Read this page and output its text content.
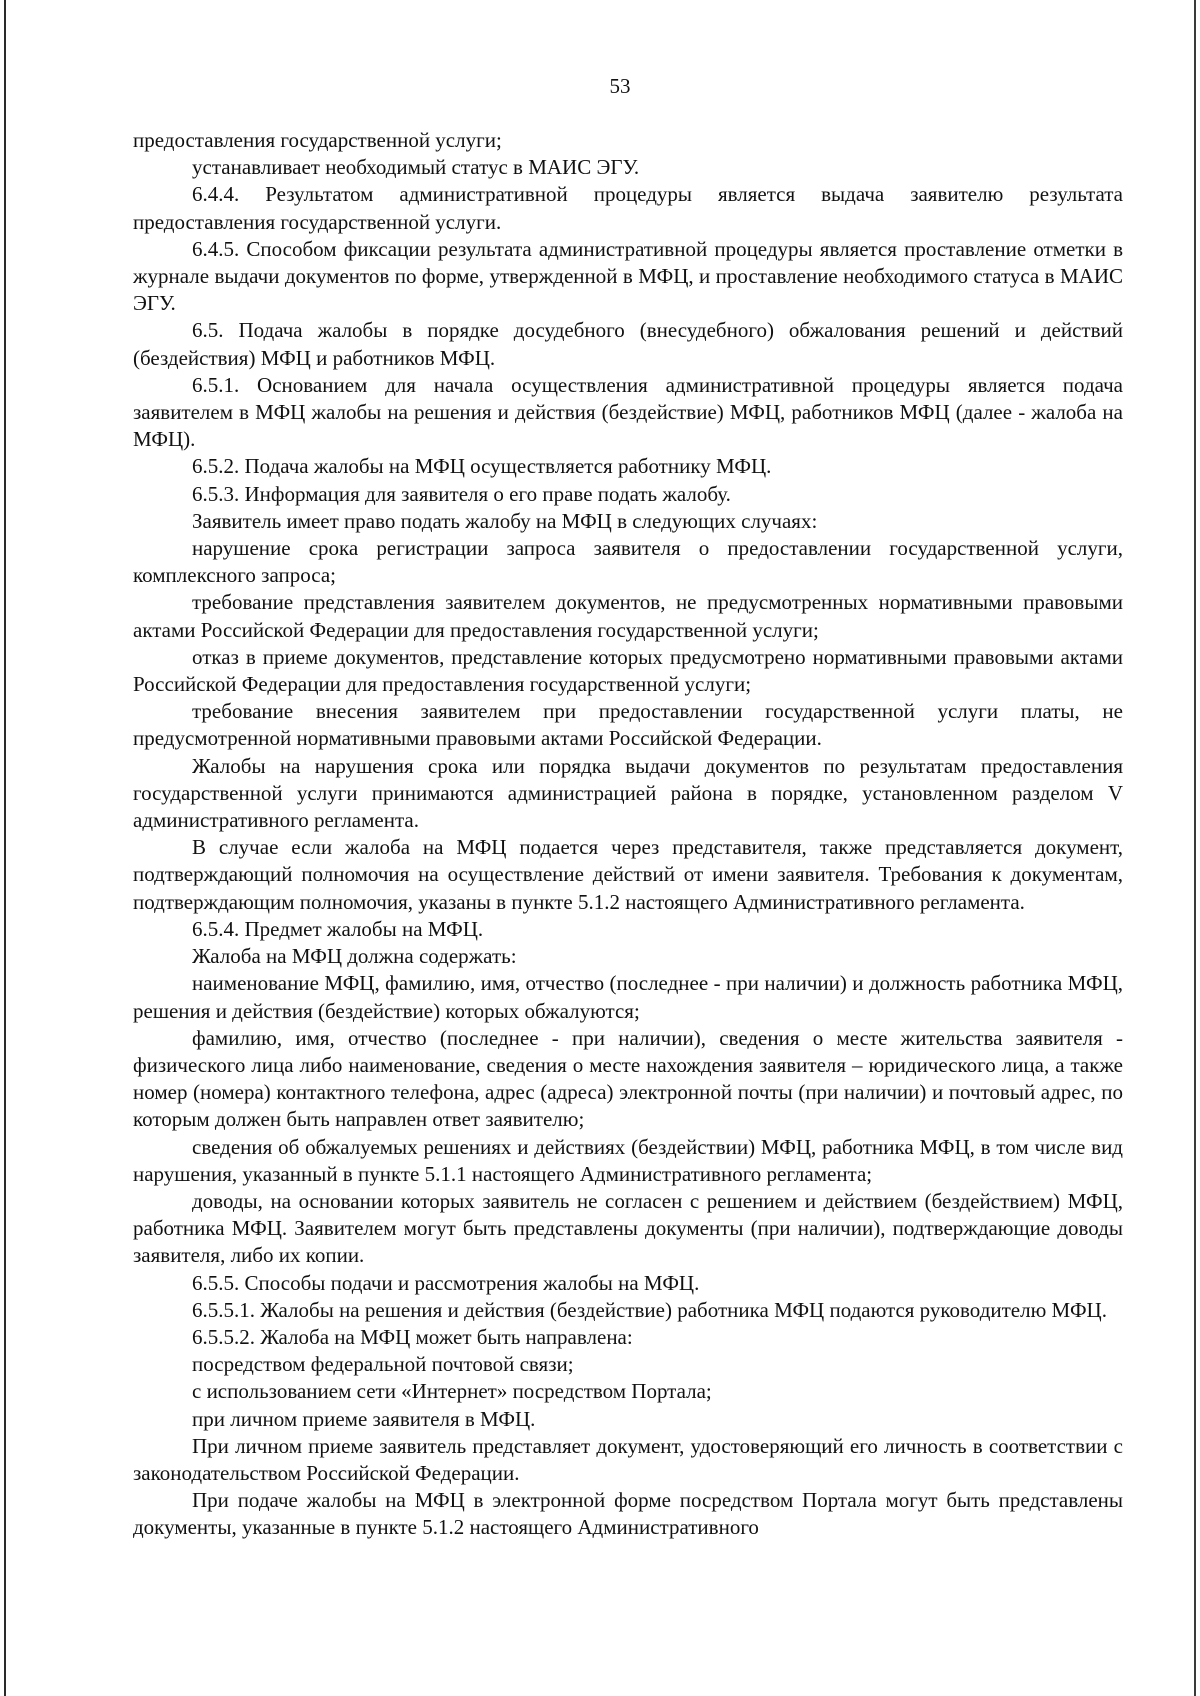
53

предоставления государственной услуги;

устанавливает необходимый статус в МАИС ЭГУ.

6.4.4. Результатом административной процедуры является выдача заявителю результата предоставления государственной услуги.

6.4.5. Способом фиксации результата административной процедуры является проставление отметки в журнале выдачи документов по форме, утвержденной в МФЦ, и проставление необходимого статуса в МАИС ЭГУ.

6.5. Подача жалобы в порядке досудебного (внесудебного) обжалования решений и действий (бездействия) МФЦ и работников МФЦ.

6.5.1. Основанием для начала осуществления административной процедуры является подача заявителем в МФЦ жалобы на решения и действия (бездействие) МФЦ, работников МФЦ (далее - жалоба на МФЦ).

6.5.2. Подача жалобы на МФЦ осуществляется работнику МФЦ.

6.5.3. Информация для заявителя о его праве подать жалобу.

Заявитель имеет право подать жалобу на МФЦ в следующих случаях:

нарушение срока регистрации запроса заявителя о предоставлении государственной услуги, комплексного запроса;

требование представления заявителем документов, не предусмотренных нормативными правовыми актами Российской Федерации для предоставления государственной услуги;

отказ в приеме документов, представление которых предусмотрено нормативными правовыми актами Российской Федерации для предоставления государственной услуги;

требование внесения заявителем при предоставлении государственной услуги платы, не предусмотренной нормативными правовыми актами Российской Федерации.

Жалобы на нарушения срока или порядка выдачи документов по результатам предоставления государственной услуги принимаются администрацией района в порядке, установленном разделом V административного регламента.

В случае если жалоба на МФЦ подается через представителя, также представляется документ, подтверждающий полномочия на осуществление действий от имени заявителя. Требования к документам, подтверждающим полномочия, указаны в пункте 5.1.2 настоящего Административного регламента.

6.5.4. Предмет жалобы на МФЦ.

Жалоба на МФЦ должна содержать:

наименование МФЦ, фамилию, имя, отчество (последнее - при наличии) и должность работника МФЦ, решения и действия (бездействие) которых обжалуются;

фамилию, имя, отчество (последнее - при наличии), сведения о месте жительства заявителя - физического лица либо наименование, сведения о месте нахождения заявителя – юридического лица, а также номер (номера) контактного телефона, адрес (адреса) электронной почты (при наличии) и почтовый адрес, по которым должен быть направлен ответ заявителю;

сведения об обжалуемых решениях и действиях (бездействии) МФЦ, работника МФЦ, в том числе вид нарушения, указанный в пункте 5.1.1 настоящего Административного регламента;

доводы, на основании которых заявитель не согласен с решением и действием (бездействием) МФЦ, работника МФЦ. Заявителем могут быть представлены документы (при наличии), подтверждающие доводы заявителя, либо их копии.

6.5.5. Способы подачи и рассмотрения жалобы на МФЦ.

6.5.5.1. Жалобы на решения и действия (бездействие) работника МФЦ подаются руководителю МФЦ.

6.5.5.2. Жалоба на МФЦ может быть направлена:

посредством федеральной почтовой связи;

с использованием сети «Интернет» посредством Портала;

при личном приеме заявителя в МФЦ.

При личном приеме заявитель представляет документ, удостоверяющий его личность в соответствии с законодательством Российской Федерации.

При подаче жалобы на МФЦ в электронной форме посредством Портала могут быть представлены документы, указанные в пункте 5.1.2 настоящего Административного
